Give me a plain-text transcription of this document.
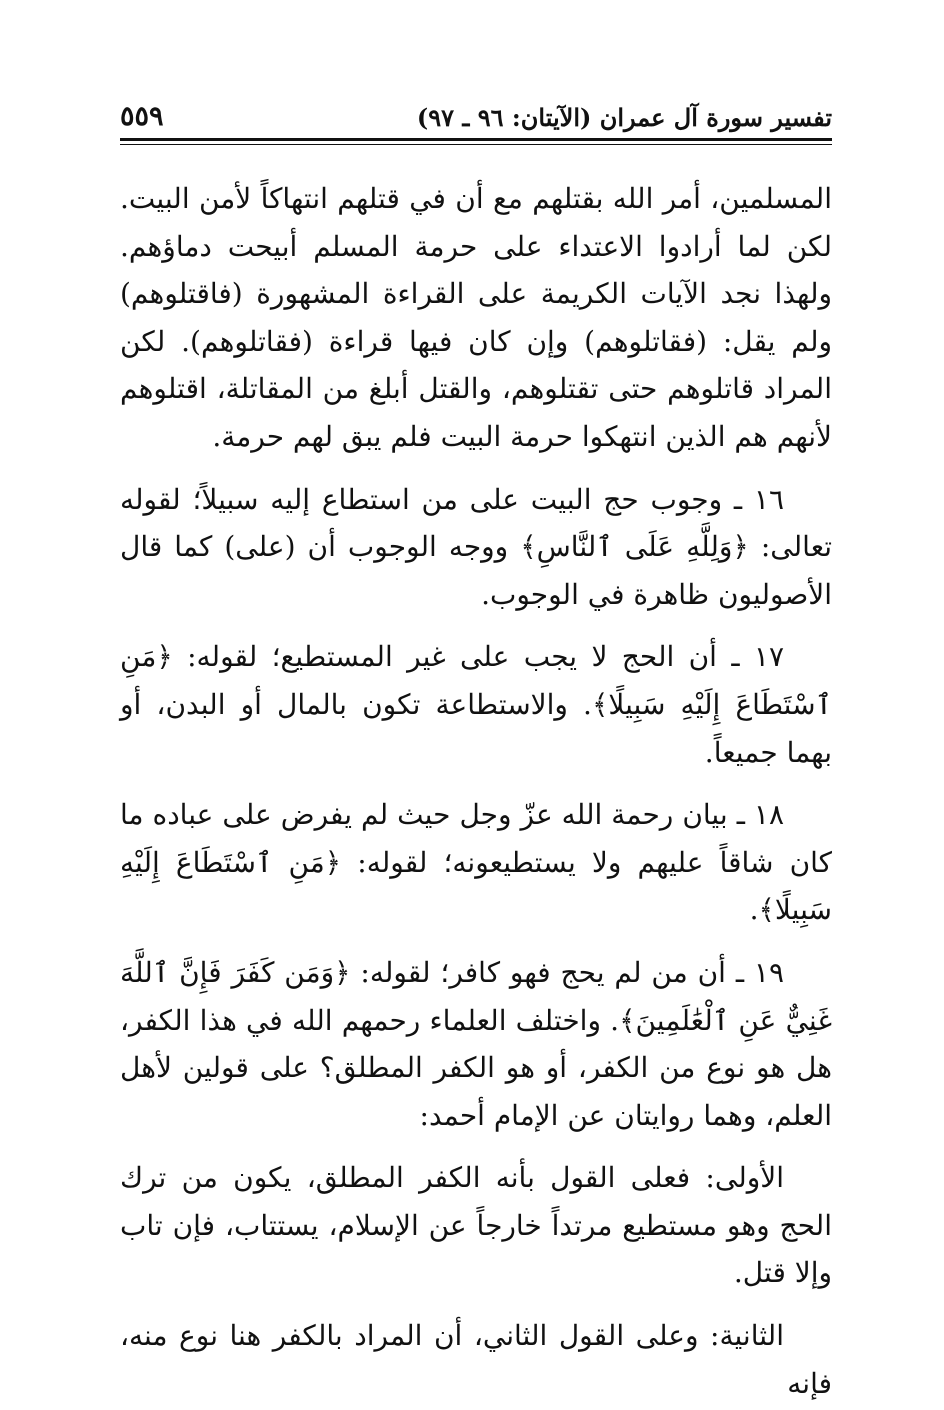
تفسير سورة آل عمران (الآيتان: ٩٦ ـ ٩٧)
٥٥٩

المسلمين، أمر الله بقتلهم مع أن في قتلهم انتهاكاً لأمن البيت. لكن لما أرادوا الاعتداء على حرمة المسلم أبيحت دماؤهم. ولهذا نجد الآيات الكريمة على القراءة المشهورة (فاقتلوهم) ولم يقل: (فقاتلوهم) وإن كان فيها قراءة (فقاتلوهم). لكن المراد قاتلوهم حتى تقتلوهم، والقتل أبلغ من المقاتلة، اقتلوهم لأنهم هم الذين انتهكوا حرمة البيت فلم يبق لهم حرمة.

١٦ ـ وجوب حج البيت على من استطاع إليه سبيلاً؛ لقوله تعالى: ﴿وَلِلَّهِ عَلَى ٱلنَّاسِ﴾ ووجه الوجوب أن (على) كما قال الأصوليون ظاهرة في الوجوب.

١٧ ـ أن الحج لا يجب على غير المستطيع؛ لقوله: ﴿مَنِ ٱسْتَطَاعَ إِلَيْهِ سَبِيلًا﴾. والاستطاعة تكون بالمال أو البدن، أو بهما جميعاً.

١٨ ـ بيان رحمة الله عزّ وجل حيث لم يفرض على عباده ما كان شاقاً عليهم ولا يستطيعونه؛ لقوله: ﴿مَنِ ٱسْتَطَاعَ إِلَيْهِ سَبِيلًا﴾.

١٩ ـ أن من لم يحج فهو كافر؛ لقوله: ﴿وَمَن كَفَرَ فَإِنَّ ٱللَّهَ غَنِيٌّ عَنِ ٱلْعَٰلَمِينَ﴾. واختلف العلماء رحمهم الله في هذا الكفر، هل هو نوع من الكفر، أو هو الكفر المطلق؟ على قولين لأهل العلم، وهما روايتان عن الإمام أحمد:

الأولى: فعلى القول بأنه الكفر المطلق، يكون من ترك الحج وهو مستطيع مرتداً خارجاً عن الإسلام، يستتاب، فإن تاب وإلا قتل.

الثانية: وعلى القول الثاني، أن المراد بالكفر هنا نوع منه، فإنه
